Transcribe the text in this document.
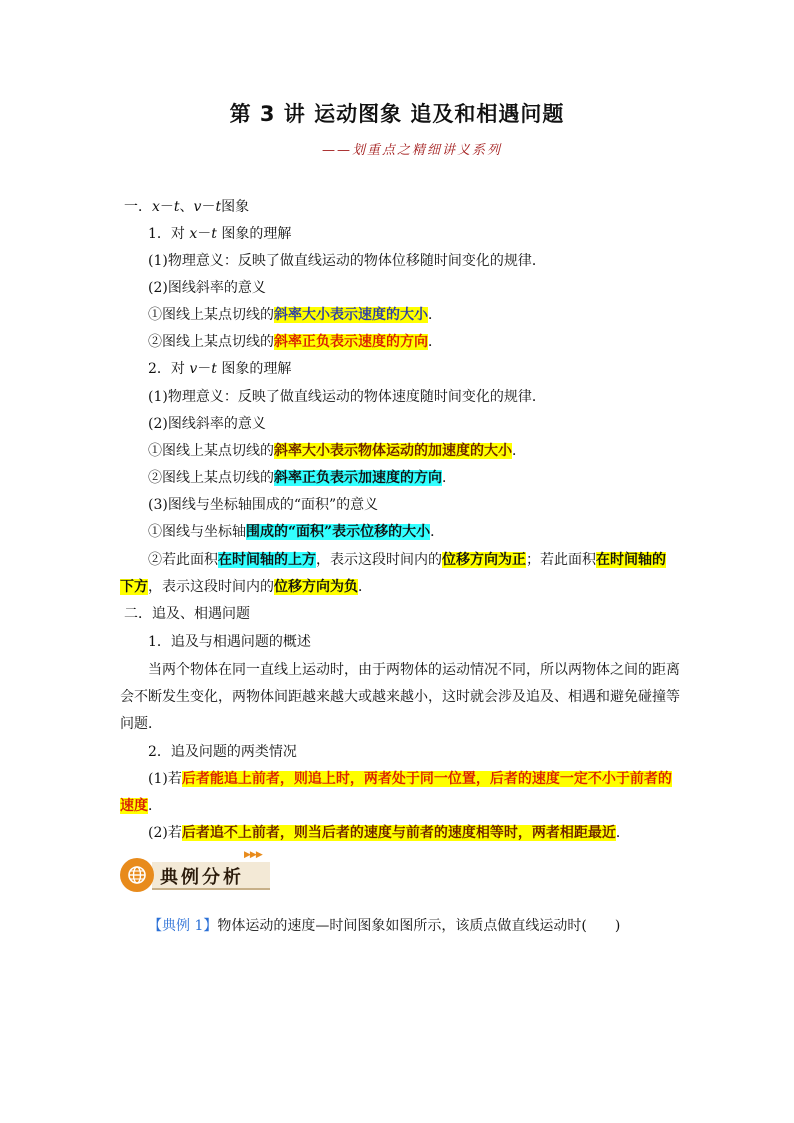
第 3 讲 运动图象 追及和相遇问题
——划重点之精细讲义系列
一．x－t、v－t图象
1．对 x－t 图象的理解
(1)物理意义：反映了做直线运动的物体位移随时间变化的规律．
(2)图线斜率的意义
①图线上某点切线的斜率大小表示速度的大小．
②图线上某点切线的斜率正负表示速度的方向．
2．对 v－t 图象的理解
(1)物理意义：反映了做直线运动的物体速度随时间变化的规律．
(2)图线斜率的意义
①图线上某点切线的斜率大小表示物体运动的加速度的大小．
②图线上某点切线的斜率正负表示加速度的方向．
(3)图线与坐标轴围成的“面积”的意义
①图线与坐标轴围成的“面积”表示位移的大小．
②若此面积在时间轴的上方，表示这段时间内的位移方向为正；若此面积在时间轴的
下方，表示这段时间内的位移方向为负．
二．追及、相遇问题
1．追及与相遇问题的概述
当两个物体在同一直线上运动时，由于两物体的运动情况不同，所以两物体之间的距离
会不断发生变化，两物体间距越来越大或越来越小，这时就会涉及追及、相遇和避免碰撞等
问题．
2．追及问题的两类情况
(1)若后者能追上前者，则追上时，两者处于同一位置，后者的速度一定不小于前者的
速度．
(2)若后者追不上前者，则当后者的速度与前者的速度相等时，两者相距最近．
典例分析
▶▶▶
【典例 1】物体运动的速度—时间图象如图所示，该质点做直线运动时(　　)
